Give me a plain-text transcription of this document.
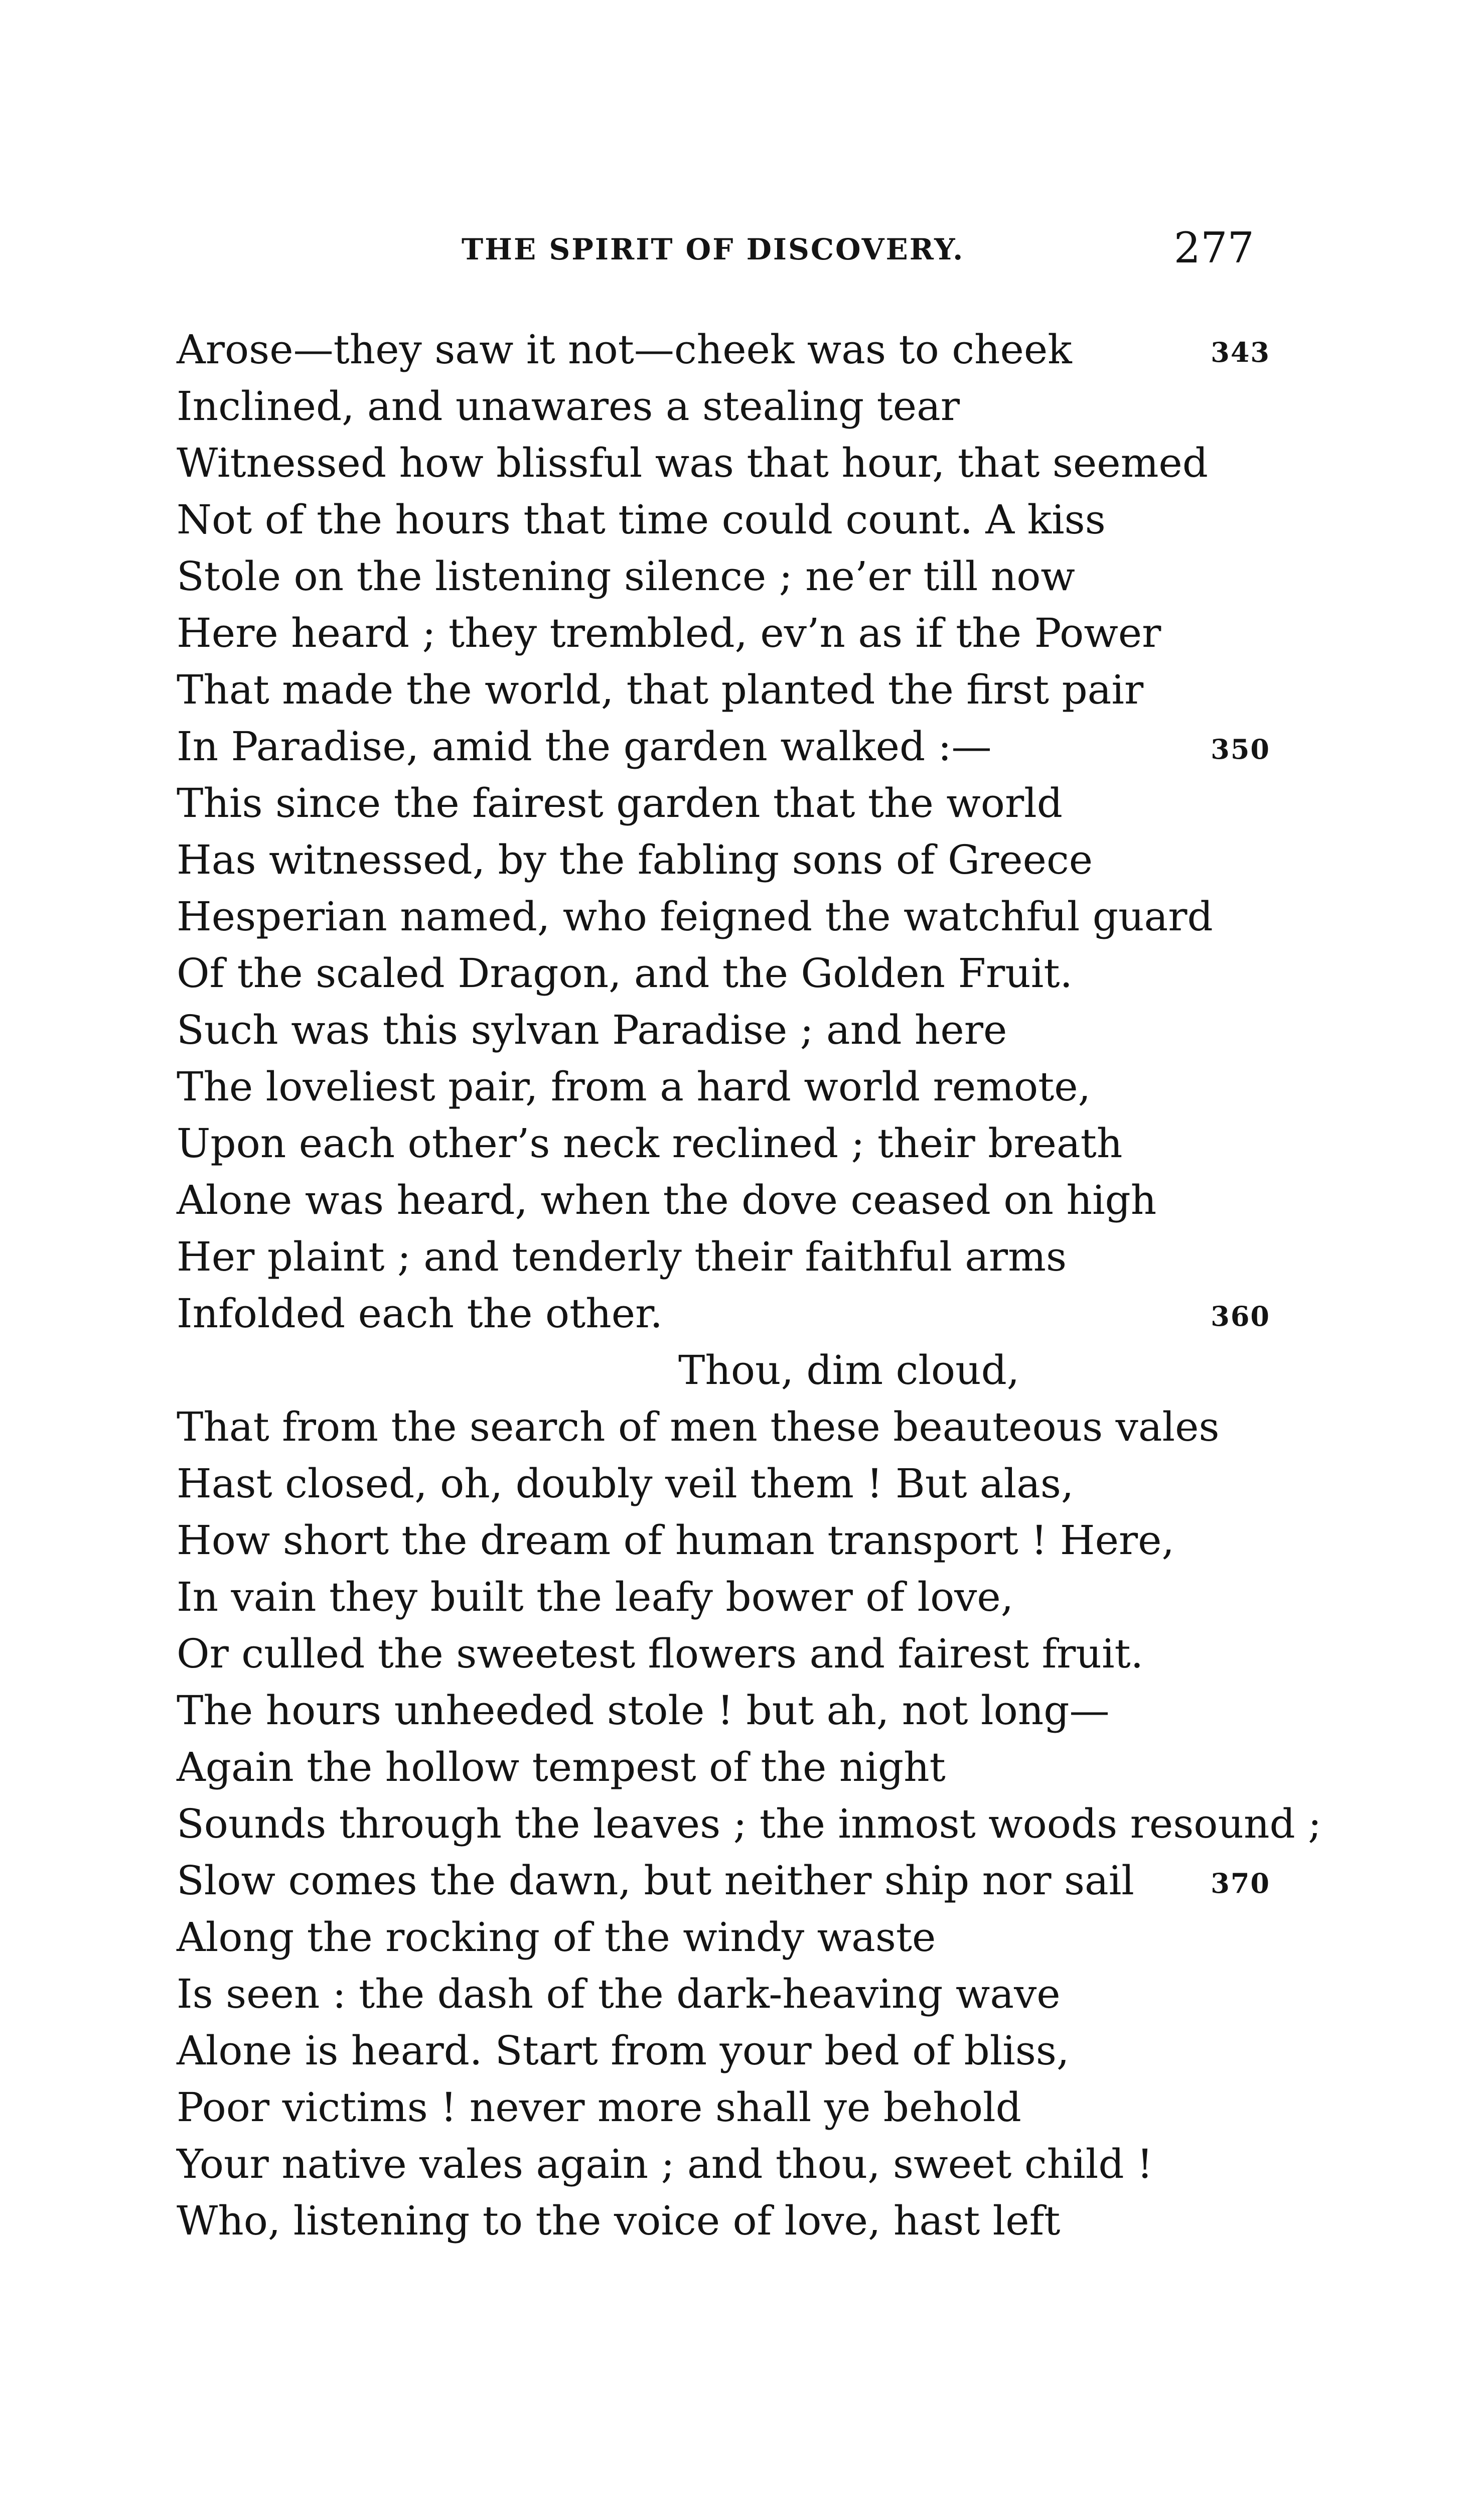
THE SPIRIT OF DISCOVERY.	277
Arose—they saw it not—cheek was to cheek	343
Inclined, and unawares a stealing tear
Witnessed how blissful was that hour, that seemed
Not of the hours that time could count. A kiss
Stole on the listening silence ; ne’er till now
Here heard ; they trembled, ev’n as if the Power
That made the world, that planted the first pair
In Paradise, amid the garden walked :—	350
This since the fairest garden that the world
Has witnessed, by the fabling sons of Greece
Hesperian named, who feigned the watchful guard
Of the scaled Dragon, and the Golden Fruit.
Such was this sylvan Paradise ; and here
The loveliest pair, from a hard world remote,
Upon each other’s neck reclined ; their breath
Alone was heard, when the dove ceased on high
Her plaint ; and tenderly their faithful arms
Infolded each the other.	360
Thou, dim cloud,
That from the search of men these beauteous vales
Hast closed, oh, doubly veil them ! But alas,
How short the dream of human transport ! Here,
In vain they built the leafy bower of love,
Or culled the sweetest flowers and fairest fruit.
The hours unheeded stole ! but ah, not long—
Again the hollow tempest of the night
Sounds through the leaves ; the inmost woods resound ;
Slow comes the dawn, but neither ship nor sail	370
Along the rocking of the windy waste
Is seen : the dash of the dark-heaving wave
Alone is heard. Start from your bed of bliss,
Poor victims ! never more shall ye behold
Your native vales again ; and thou, sweet child !
Who, listening to the voice of love, hast left
